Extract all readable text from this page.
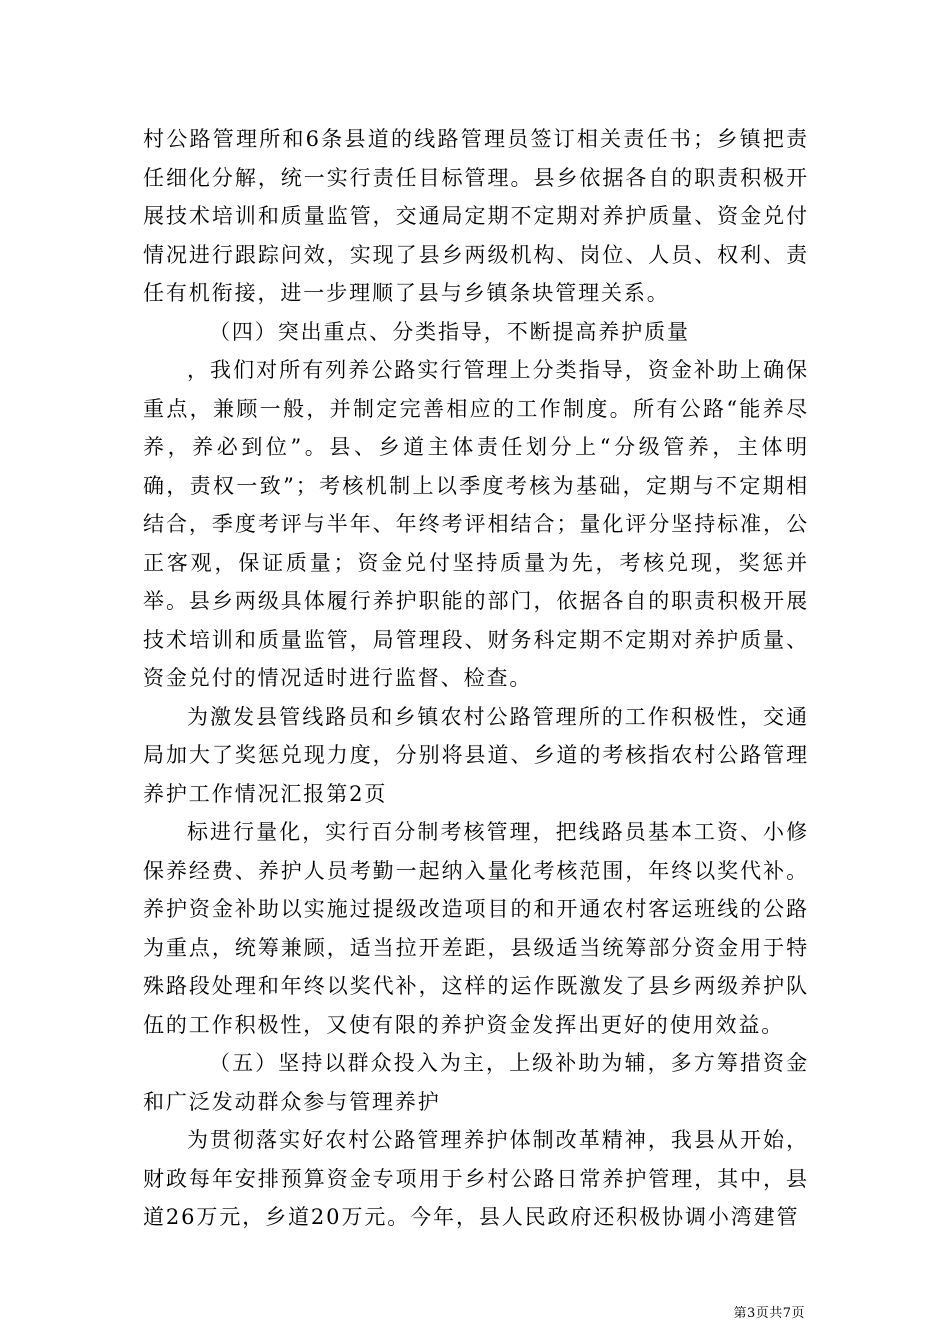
村公路管理所和6条县道的线路管理员签订相关责任书；乡镇把责任细化分解，统一实行责任目标管理。县乡依据各自的职责积极开展技术培训和质量监管，交通局定期不定期对养护质量、资金兑付情况进行跟踪问效，实现了县乡两级机构、岗位、人员、权利、责任有机衔接，进一步理顺了县与乡镇条块管理关系。

（四）突出重点、分类指导，不断提高养护质量

，我们对所有列养公路实行管理上分类指导，资金补助上确保重点，兼顾一般，并制定完善相应的工作制度。所有公路“能养尽养，养必到位”。县、乡道主体责任划分上“分级管养，主体明确，责权一致”；考核机制上以季度考核为基础，定期与不定期相结合，季度考评与半年、年终考评相结合；量化评分坚持标准，公正客观，保证质量；资金兑付坚持质量为先，考核兑现，奖惩并举。县乡两级具体履行养护职能的部门，依据各自的职责积极开展技术培训和质量监管，局管理段、财务科定期不定期对养护质量、资金兑付的情况适时进行监督、检查。

为激发县管线路员和乡镇农村公路管理所的工作积极性，交通局加大了奖惩兑现力度，分别将县道、乡道的考核指农村公路管理养护工作情况汇报第2页

标进行量化，实行百分制考核管理，把线路员基本工资、小修保养经费、养护人员考勤一起纳入量化考核范围，年终以奖代补。养护资金补助以实施过提级改造项目的和开通农村客运班线的公路为重点，统筹兼顾，适当拉开差距，县级适当统筹部分资金用于特殊路段处理和年终以奖代补，这样的运作既激发了县乡两级养护队伍的工作积极性，又使有限的养护资金发挥出更好的使用效益。

（五）坚持以群众投入为主，上级补助为辅，多方筹措资金和广泛发动群众参与管理养护

为贯彻落实好农村公路管理养护体制改革精神，我县从开始，财政每年安排预算资金专项用于乡村公路日常养护管理，其中，县道26万元，乡道20万元。今年，县人民政府还积极协调小湾建管

第3页共7页
